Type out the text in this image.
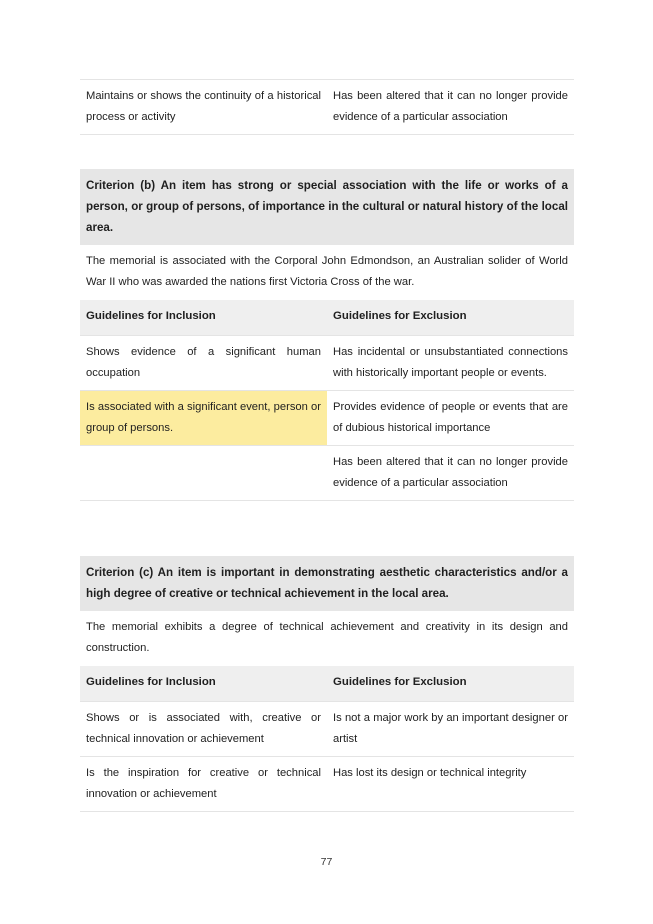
Maintains or shows the continuity of a historical process or activity
Has been altered that it can no longer provide evidence of a particular association
Criterion (b) An item has strong or special association with the life or works of a person, or group of persons, of importance in the cultural or natural history of the local area.
The memorial is associated with the Corporal John Edmondson, an Australian solider of World War II who was awarded the nations first Victoria Cross of the war.
Guidelines for Inclusion	Guidelines for Exclusion
Shows evidence of a significant human occupation
Has incidental or unsubstantiated connections with historically important people or events.
Is associated with a significant event, person or group of persons.
Provides evidence of people or events that are of dubious historical importance
Has been altered that it can no longer provide evidence of a particular association
Criterion (c) An item is important in demonstrating aesthetic characteristics and/or a high degree of creative or technical achievement in the local area.
The memorial exhibits a degree of technical achievement and creativity in its design and construction.
Guidelines for Inclusion	Guidelines for Exclusion
Shows or is associated with, creative or technical innovation or achievement
Is not a major work by an important designer or artist
Is the inspiration for creative or technical innovation or achievement
Has lost its design or technical integrity
77
